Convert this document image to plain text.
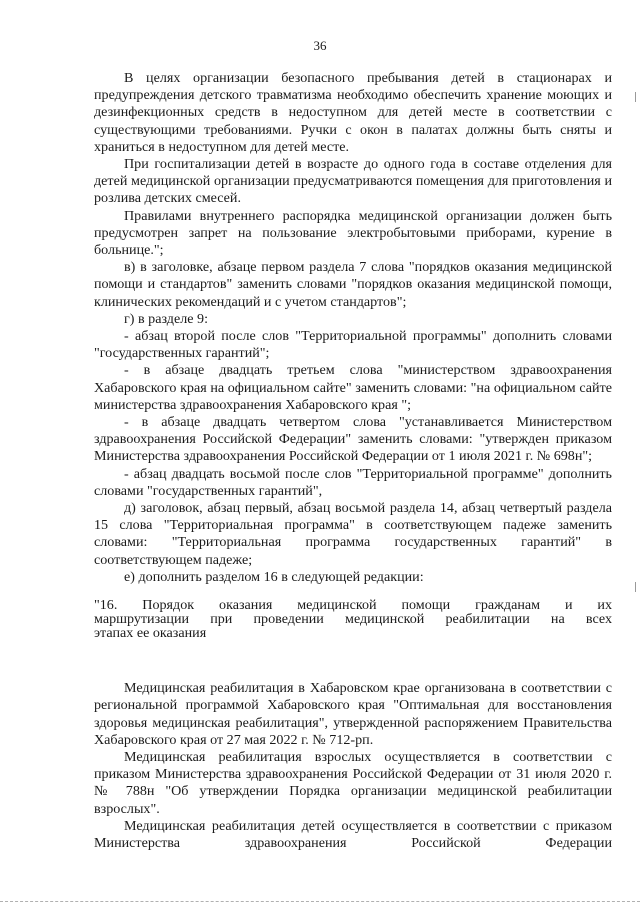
36

В целях организации безопасного пребывания детей в стационарах и предупреждения детского травматизма необходимо обеспечить хранение моющих и дезинфекционных средств в недоступном для детей месте в соответствии с существующими требованиями. Ручки с окон в палатах должны быть сняты и храниться в недоступном для детей месте.

При госпитализации детей в возрасте до одного года в составе отделения для детей медицинской организации предусматриваются помещения для приготовления и розлива детских смесей.

Правилами внутреннего распорядка медицинской организации должен быть предусмотрен запрет на пользование электробытовыми приборами, курение в больнице.";

в) в заголовке, абзаце первом раздела 7 слова "порядков оказания медицинской помощи и стандартов" заменить словами "порядков оказания медицинской помощи, клинических рекомендаций и с учетом стандартов";

г) в разделе 9:

- абзац второй после слов "Территориальной программы" дополнить словами "государственных гарантий";

- в абзаце двадцать третьем слова "министерством здравоохранения Хабаровского края на официальном сайте" заменить словами: "на официальном сайте министерства здравоохранения Хабаровского края ";

- в абзаце двадцать четвертом слова "устанавливается Министерством здравоохранения Российской Федерации" заменить словами: "утвержден приказом Министерства здравоохранения Российской Федерации от 1 июля 2021 г. № 698н";

- абзац двадцать восьмой после слов "Территориальной программе" дополнить словами "государственных гарантий",

д) заголовок, абзац первый, абзац восьмой раздела 14, абзац четвертый раздела 15 слова "Территориальная программа" в соответствующем падеже заменить словами: "Территориальная программа государственных гарантий" в соответствующем падеже;

е) дополнить разделом 16 в следующей редакции:

"16. Порядок оказания медицинской помощи гражданам и их
маршрутизации при проведении медицинской реабилитации на всех
этапах ее оказания

Медицинская реабилитация в Хабаровском крае организована в соответствии с региональной программой Хабаровского края "Оптимальная для восстановления здоровья медицинская реабилитация", утвержденной распоряжением Правительства Хабаровского края от 27 мая 2022 г. № 712-рп.

Медицинская реабилитация взрослых осуществляется в соответствии с приказом Министерства здравоохранения Российской Федерации от 31 июля 2020 г. № 788н "Об утверждении Порядка организации медицинской реабилитации взрослых".

Медицинская реабилитация детей осуществляется в соответствии с приказом Министерства здравоохранения Российской Федерации
